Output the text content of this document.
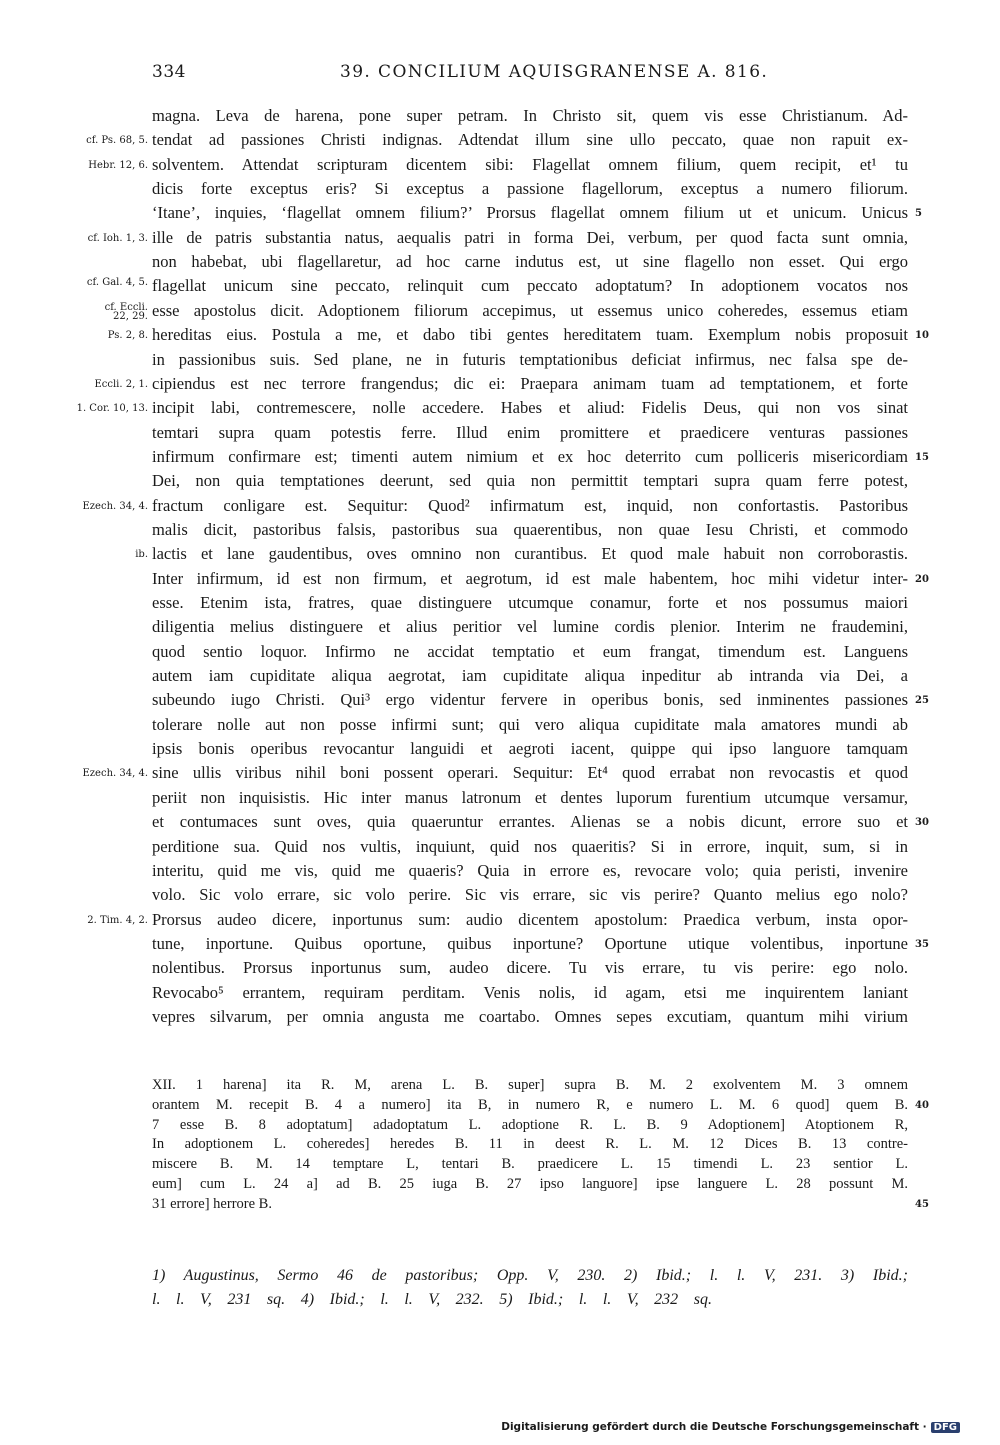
334	39. CONCILIUM AQUISGRANENSE A. 816.
magna. Leva de harena, pone super petram. In Christo sit, quem vis esse Christianum. Ad-
tendat ad passiones Christi indignas. Adtendat illum sine ullo peccato, quae non rapuit ex-
solventem. Attendat scripturam dicentem sibi: Flagellat omnem filium, quem recipit, et¹ tu
dicis forte exceptus eris? Si exceptus a passione flagellorum, exceptus a numero filiorum.
‘Itane’, inquies, ‘flagellat omnem filium?’ Prorsus flagellat omnem filium ut et unicum. Unicus
ille de patris substantia natus, aequalis patri in forma Dei, verbum, per quod facta sunt omnia,
non habebat, ubi flagellaretur, ad hoc carne indutus est, ut sine flagello non esset. Qui ergo
flagellat unicum sine peccato, relinquit cum peccato adoptatum? In adoptionem vocatos nos
esse apostolus dicit. Adoptionem filiorum accepimus, ut essemus unico coheredes, essemus etiam
hereditas eius. Postula a me, et dabo tibi gentes hereditatem tuam. Exemplum nobis proposuit
in passionibus suis. Sed plane, ne in futuris temptationibus deficiat infirmus, nec falsa spe de-
cipiendus est nec terrore frangendus; dic ei: Praepara animam tuam ad temptationem, et forte
incipit labi, contremescere, nolle accedere. Habes et aliud: Fidelis Deus, qui non vos sinat
temtari supra quam potestis ferre. Illud enim promittere et praedicere venturas passiones
infirmum confirmare est; timenti autem nimium et ex hoc deterrito cum polliceris misericordiam
Dei, non quia temptationes deerunt, sed quia non permittit temptari supra quam ferre potest,
fractum conligare est. Sequitur: Quod² infirmatum est, inquid, non confortastis. Pastoribus
malis dicit, pastoribus falsis, pastoribus sua quaerentibus, non quae Iesu Christi, et commodo
lactis et lane gaudentibus, oves omnino non curantibus. Et quod male habuit non corroborastis.
Inter infirmum, id est non firmum, et aegrotum, id est male habentem, hoc mihi videtur inter-
esse. Etenim ista, fratres, quae distinguere utcumque conamur, forte et nos possumus maiori
diligentia melius distinguere et alius peritior vel lumine cordis plenior. Interim ne fraudemini,
quod sentio loquor. Infirmo ne accidat temptatio et eum frangat, timendum est. Languens
autem iam cupiditate aliqua aegrotat, iam cupiditate aliqua inpeditur ab intranda via Dei, a
subeundo iugo Christi. Qui³ ergo videntur fervere in operibus bonis, sed inminentes passiones
tolerare nolle aut non posse infirmi sunt; qui vero aliqua cupiditate mala amatores mundi ab
ipsis bonis operibus revocantur languidi et aegroti iacent, quippe qui ipso languore tamquam
sine ullis viribus nihil boni possent operari. Sequitur: Et⁴ quod errabat non revocastis et quod
periit non inquisistis. Hic inter manus latronum et dentes luporum furentium utcumque versamur,
et contumaces sunt oves, quia quaeruntur errantes. Alienas se a nobis dicunt, errore suo et
perditione sua. Quid nos vultis, inquiunt, quid nos quaeritis? Si in errore, inquit, sum, si in
interitu, quid me vis, quid me quaeris? Quia in errore es, revocare volo; quia peristi, invenire
volo. Sic volo errare, sic volo perire. Sic vis errare, sic vis perire? Quanto melius ego nolo?
Prorsus audeo dicere, inportunus sum: audio dicentem apostolum: Praedica verbum, insta opor-
tune, inportune. Quibus oportune, quibus inportune? Oportune utique volentibus, inportune
nolentibus. Prorsus inportunus sum, audeo dicere. Tu vis errare, tu vis perire: ego nolo.
Revocabo⁵ errantem, requiram perditam. Venis nolis, id agam, etsi me inquirentem laniant
vepres silvarum, per omnia angusta me coartabo. Omnes sepes excutiam, quantum mihi virium
cf. Ps. 68, 5.
Hebr. 12, 6.
cf. Ioh. 1, 3.
cf. Gal. 4, 5.
cf. Eccli.
22, 29.
Ps. 2, 8.
Eccli. 2, 1.
1. Cor. 10, 13.
Ezech. 34, 4.
ib.
Ezech. 34, 4.
2. Tim. 4, 2.
5
10
15
20
25
30
35
XII. 1 harena] ita R. M, arena L. B. super] supra B. M. 2 exolventem M. 3 omnem
orantem M. recepit B. 4 a numero] ita B, in numero R, e numero L. M. 6 quod] quem B.
7 esse B. 8 adoptatum] adadoptatum L. adoptione R. L. B. 9 Adoptionem] Atoptionem R,
In adoptionem L. coheredes] heredes B. 11 in deest R. L. M. 12 Dices B. 13 contre-
miscere B. M. 14 temptare L, tentari B. praedicere L. 15 timendi L. 23 sentior L.
eum] cum L. 24 a] ad B. 25 iuga B. 27 ipso languore] ipse languere L. 28 possunt M.
31 errore] herrore B.
40
45
1) Augustinus, Sermo 46 de pastoribus; Opp. V, 230. 2) Ibid.; l. l. V, 231. 3) Ibid.;
l. l. V, 231 sq. 4) Ibid.; l. l. V, 232. 5) Ibid.; l. l. V, 232 sq.
Digitalisierung gefördert durch die Deutsche Forschungsgemeinschaft · DFG
